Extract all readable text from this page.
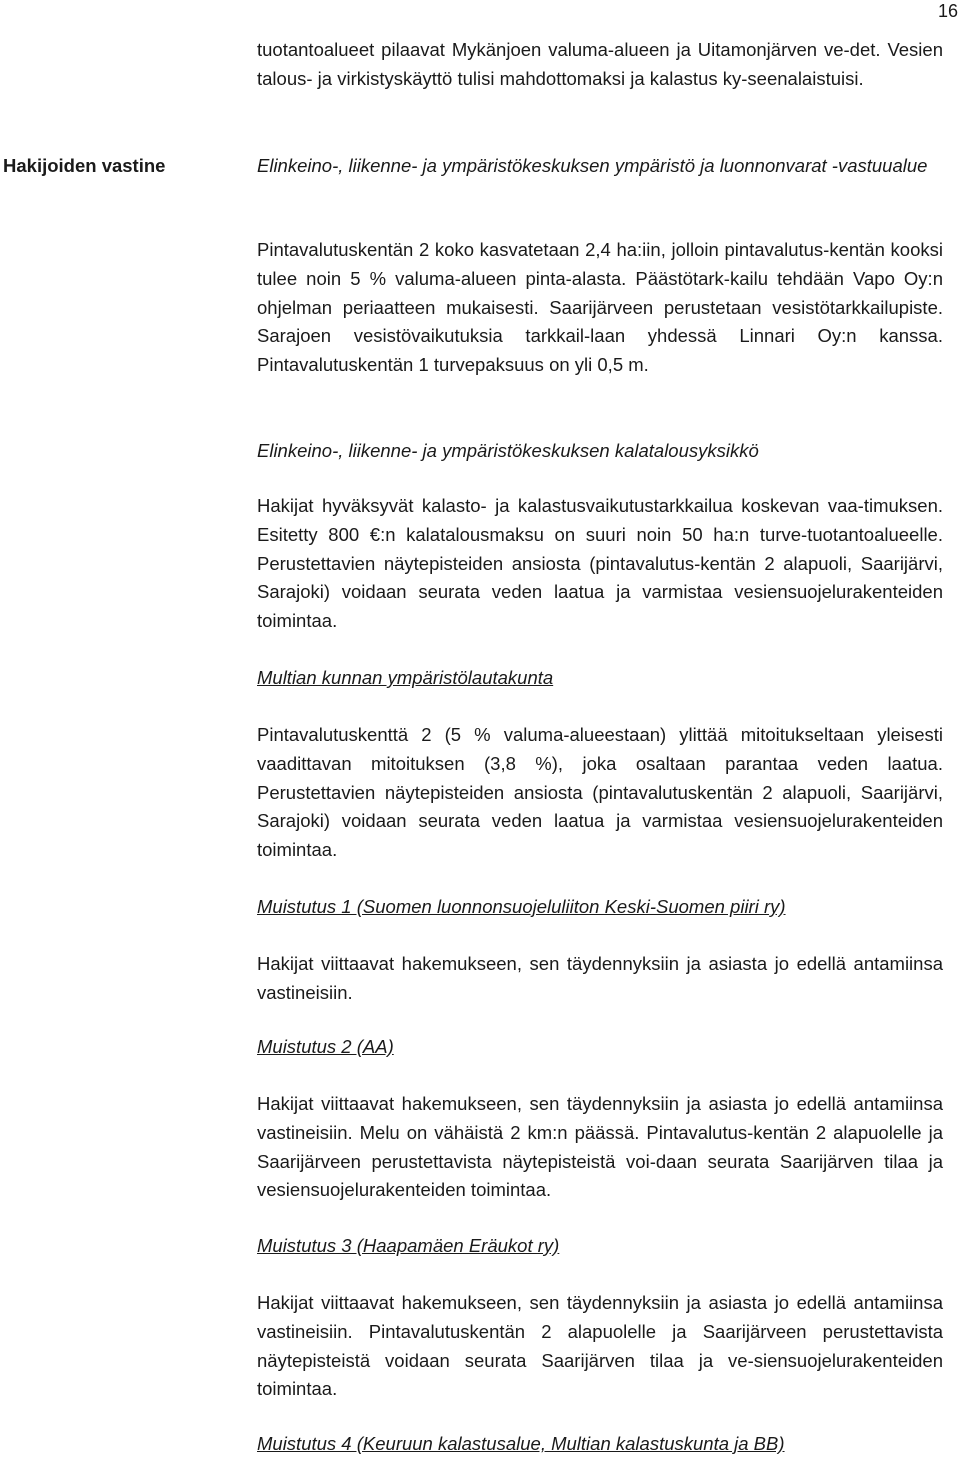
16
Hakijoiden vastine
tuotantoalueet pilaavat Mykänjoen valuma-alueen ja Uitamonjärven ve-det. Vesien talous- ja virkistyskäyttö tulisi mahdottomaksi ja kalastus ky-seenalaistuisi.
Elinkeino-, liikenne- ja ympäristökeskuksen ympäristö ja luonnonvarat -vastuualue
Pintavalutuskentän 2 koko kasvatetaan 2,4 ha:iin, jolloin pintavalutus-kentän kooksi tulee noin 5 % valuma-alueen pinta-alasta. Päästötark-kailu tehdään Vapo Oy:n ohjelman periaatteen mukaisesti. Saarijärveen perustetaan vesistötarkkailupiste. Sarajoen vesistövaikutuksia tarkkail-laan yhdessä Linnari Oy:n kanssa. Pintavalutuskentän 1 turvepaksuus on yli 0,5 m.
Elinkeino-, liikenne- ja ympäristökeskuksen kalatalousyksikkö
Hakijat hyväksyvät kalasto- ja kalastusvaikutustarkkailua koskevan vaa-timuksen. Esitetty 800 €:n kalatalousmaksu on suuri noin 50 ha:n turve-tuotantoalueelle. Perustettavien näytepisteiden ansiosta (pintavalutus-kentän 2 alapuoli, Saarijärvi, Sarajoki) voidaan seurata veden laatua ja varmistaa vesiensuojelurakenteiden toimintaa.
Multian kunnan ympäristölautakunta
Pintavalutuskenttä 2 (5 % valuma-alueestaan) ylittää mitoitukseltaan yleisesti vaadittavan mitoituksen (3,8 %), joka osaltaan parantaa veden laatua. Perustettavien näytepisteiden ansiosta (pintavalutuskentän 2 alapuoli, Saarijärvi, Sarajoki) voidaan seurata veden laatua ja varmistaa vesiensuojelurakenteiden toimintaa.
Muistutus 1 (Suomen luonnonsuojeluliiton Keski-Suomen piiri ry)
Hakijat viittaavat hakemukseen, sen täydennyksiin ja asiasta jo edellä antamiinsa vastineisiin.
Muistutus 2 (AA)
Hakijat viittaavat hakemukseen, sen täydennyksiin ja asiasta jo edellä antamiinsa vastineisiin. Melu on vähäistä 2 km:n päässä. Pintavalutus-kentän 2 alapuolelle ja Saarijärveen perustettavista näytepisteistä voi-daan seurata Saarijärven tilaa ja vesiensuojelurakenteiden toimintaa.
Muistutus 3 (Haapamäen Eräukot ry)
Hakijat viittaavat hakemukseen, sen täydennyksiin ja asiasta jo edellä antamiinsa vastineisiin. Pintavalutuskentän 2 alapuolelle ja Saarijärveen perustettavista näytepisteistä voidaan seurata Saarijärven tilaa ja ve-siensuojelurakenteiden toimintaa.
Muistutus 4 (Keuruun kalastusalue, Multian kalastuskunta ja BB)
